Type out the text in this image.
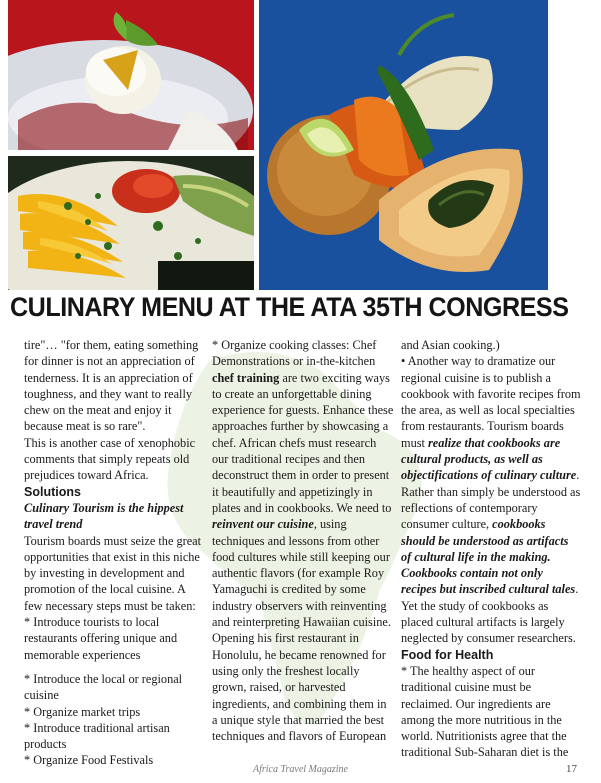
CULINARY MENU AT THE ATA 35TH CONGRESS

tire"… "for them, eating something for dinner is not an appreciation of tenderness. It is an appreciation of toughness, and they want to really chew on the meat and enjoy it because meat is so rare".

This is another case of xenophobic comments that simply repeats old prejudices toward Africa.

Solutions

Culinary Tourism is the hippest travel trend

Tourism boards must seize the great opportunities that exist in this niche by investing in development and promotion of the local cuisine. A few necessary steps must be taken:

* Introduce tourists to local restaurants offering unique and memorable experiences

* Introduce the local or regional cuisine

* Organize market trips

* Introduce traditional artisan products

* Organize Food Festivals

* Organize cooking classes: Chef Demonstrations or in-the-kitchen chef training are two exciting ways to create an unforgettable dining experience for guests. Enhance these approaches further by showcasing a chef. African chefs must research our traditional recipes and then deconstruct them in order to present it beautifully and appetizingly in plates and in cookbooks. We need to reinvent our cuisine, using techniques and lessons from other food cultures while still keeping our authentic flavors (for example Roy Yamaguchi is credited by some industry observers with reinventing and reinterpreting Hawaiian cuisine. Opening his first restaurant in Honolulu, he became renowned for using only the freshest locally grown, raised, or harvested ingredients, and combining them in a unique style that married the best techniques and flavors of European

and Asian cooking.)

• Another way to dramatize our regional cuisine is to publish a cookbook with favorite recipes from the area, as well as local specialties from restaurants. Tourism boards must realize that cookbooks are cultural products, as well as objectifications of culinary culture. Rather than simply be understood as reflections of contemporary consumer culture, cookbooks should be understood as artifacts of cultural life in the making. Cookbooks contain not only recipes but inscribed cultural tales. Yet the study of cookbooks as placed cultural artifacts is largely neglected by consumer researchers.

Food for Health

* The healthy aspect of our traditional cuisine must be reclaimed. Our ingredients are among the more nutritious in the world. Nutritionists agree that the traditional Sub-Saharan diet is the

Africa Travel Magazine	17
